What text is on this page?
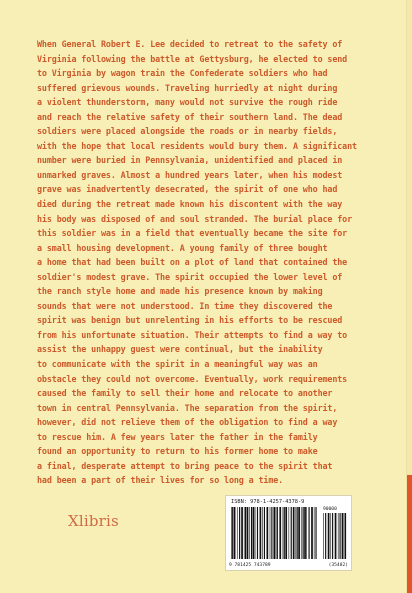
When General Robert E. Lee decided to retreat to the safety of
Virginia following the battle at Gettysburg, he elected to send
to Virginia by wagon train the Confederate soldiers who had
suffered grievous wounds. Traveling hurriedly at night during
a violent thunderstorm, many would not survive the rough ride
and reach the relative safety of their southern land. The dead
soldiers were placed alongside the roads or in nearby fields,
with the hope that local residents would bury them. A significant
number were buried in Pennsylvania, unidentified and placed in
unmarked graves. Almost a hundred years later, when his modest
grave was inadvertently desecrated, the spirit of one who had
died during the retreat made known his discontent with the way
his body was disposed of and soul stranded. The burial place for
this soldier was in a field that eventually became the site for
a small housing development. A young family of three bought
a home that had been built on a plot of land that contained the
soldier's modest grave. The spirit occupied the lower level of
the ranch style home and made his presence known by making
sounds that were not understood. In time they discovered the
spirit was benign but unrelenting in his efforts to be rescued
from his unfortunate situation. Their attempts to find a way to
assist the unhappy guest were continual, but the inability
to communicate with the spirit in a meaningful way was an
obstacle they could not overcome. Eventually, work requirements
caused the family to sell their home and relocate to another
town in central Pennsylvania. The separation from the spirit,
however, did not relieve them of the obligation to find a way
to rescue him. A few years later the father in the family
found an opportunity to return to his former home to make
a final, desperate attempt to bring peace to the spirit that
had been a part of their lives for so long a time.
Xlibris
ISBN: 978-1-4257-4378-9
90000
9 781425 743789	(35482)
